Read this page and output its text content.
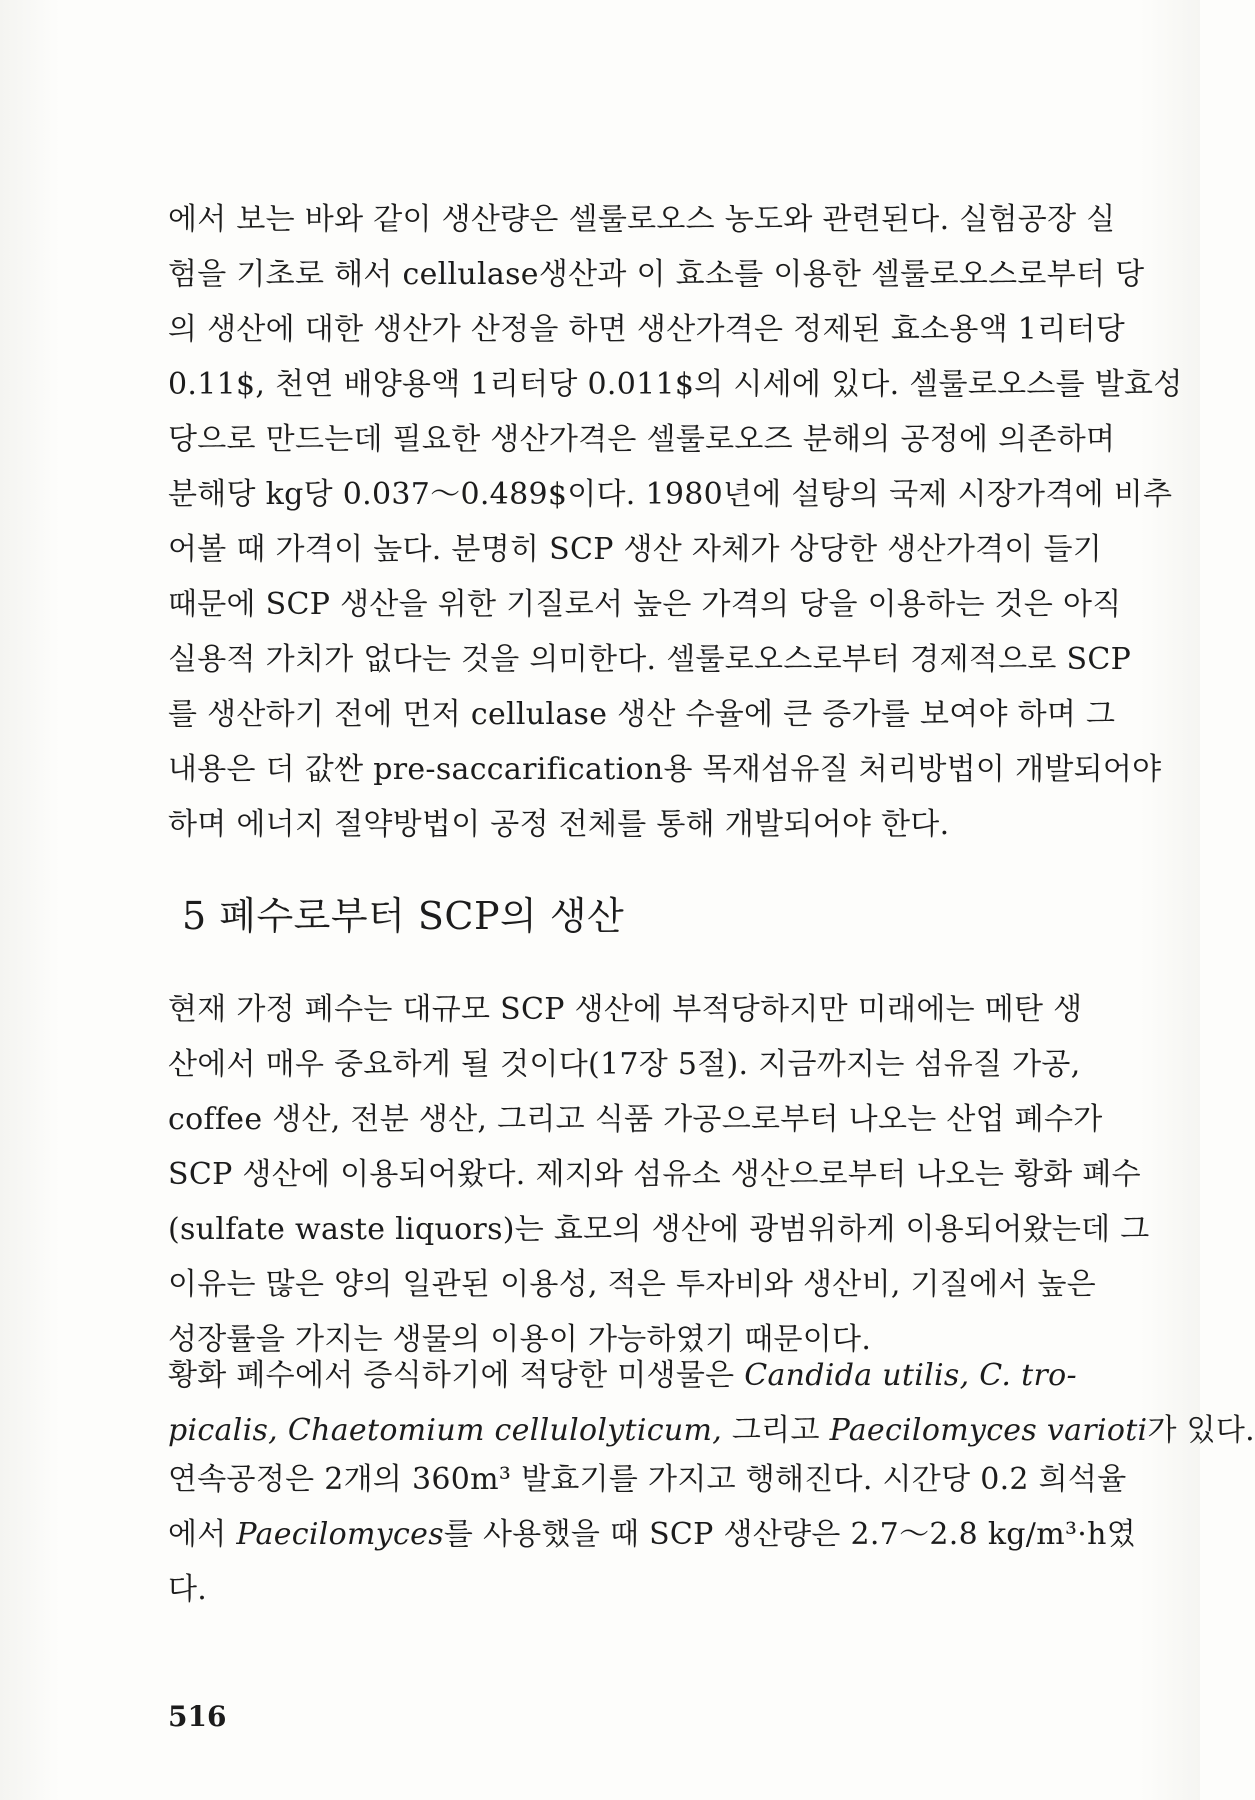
에서 보는 바와 같이 생산량은 셀룰로오스 농도와 관련된다. 실험공장 실
험을 기초로 해서 cellulase생산과 이 효소를 이용한 셀룰로오스로부터 당
의 생산에 대한 생산가 산정을 하면 생산가격은 정제된 효소용액 1리터당
0.11$, 천연 배양용액 1리터당 0.011$의 시세에 있다. 셀룰로오스를 발효성
당으로 만드는데 필요한 생산가격은 셀룰로오즈 분해의 공정에 의존하며
분해당 kg당 0.037～0.489$이다. 1980년에 설탕의 국제 시장가격에 비추
어볼 때 가격이 높다. 분명히 SCP 생산 자체가 상당한 생산가격이 들기
때문에 SCP 생산을 위한 기질로서 높은 가격의 당을 이용하는 것은 아직
실용적 가치가 없다는 것을 의미한다. 셀룰로오스로부터 경제적으로 SCP
를 생산하기 전에 먼저 cellulase 생산 수율에 큰 증가를 보여야 하며 그
내용은 더 값싼 pre-saccarification용 목재섬유질 처리방법이 개발되어야
하며 에너지 절약방법이 공정 전체를 통해 개발되어야 한다.
5 폐수로부터 SCP의 생산
현재 가정 폐수는 대규모 SCP 생산에 부적당하지만 미래에는 메탄 생
산에서 매우 중요하게 될 것이다(17장 5절). 지금까지는 섬유질 가공,
coffee 생산, 전분 생산, 그리고 식품 가공으로부터 나오는 산업 폐수가
SCP 생산에 이용되어왔다. 제지와 섬유소 생산으로부터 나오는 황화 폐수
(sulfate waste liquors)는 효모의 생산에 광범위하게 이용되어왔는데 그
이유는 많은 양의 일관된 이용성, 적은 투자비와 생산비, 기질에서 높은
성장률을 가지는 생물의 이용이 가능하였기 때문이다.
황화 폐수에서 증식하기에 적당한 미생물은 Candida utilis, C. tro-
picalis, Chaetomium cellulolyticum, 그리고 Paecilomyces varioti가 있다.
연속공정은 2개의 360m³ 발효기를 가지고 행해진다. 시간당 0.2 희석율
에서 Paecilomyces를 사용했을 때 SCP 생산량은 2.7～2.8 kg/m³·h였
다.
516
